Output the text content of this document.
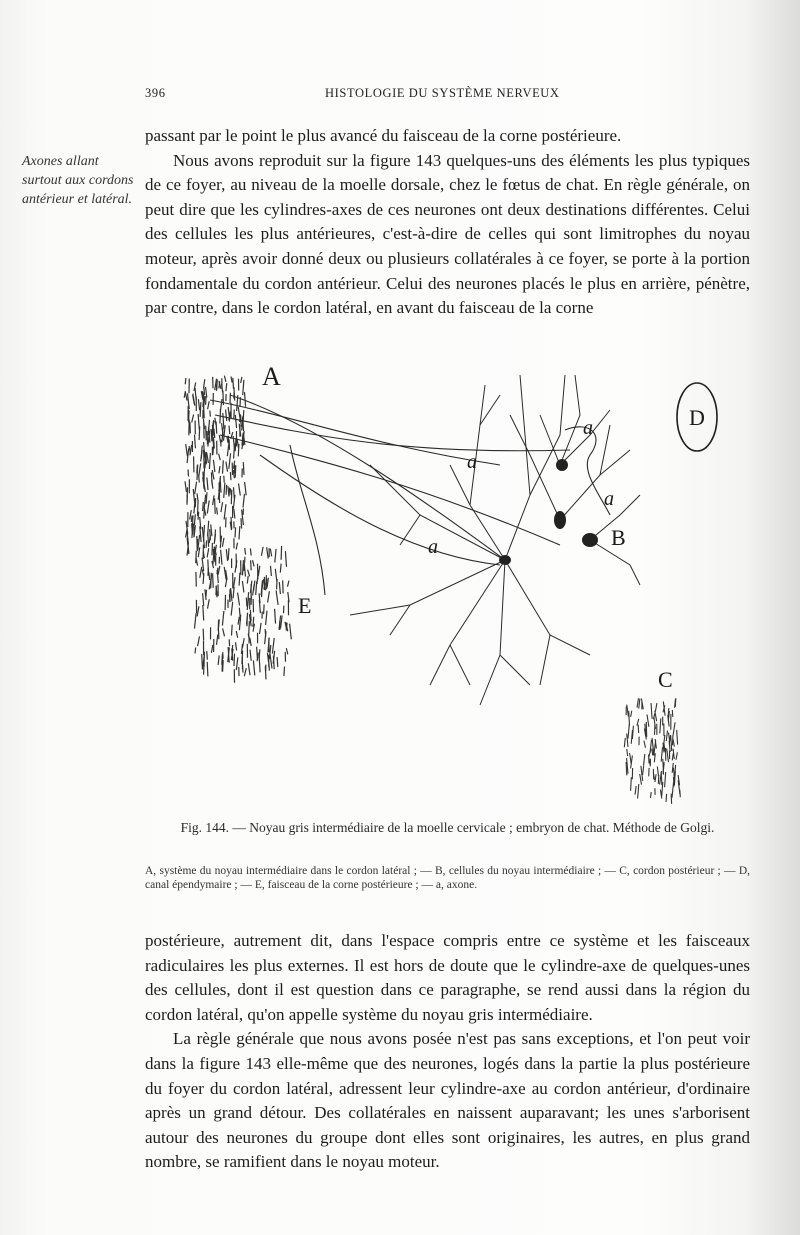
396	HISTOLOGIE DU SYSTÈME NERVEUX
Axones allant surtout aux cordons antérieur et latéral.

passant par le point le plus avancé du faisceau de la corne postérieure.

Nous avons reproduit sur la figure 143 quelques-uns des éléments les plus typiques de ce foyer, au niveau de la moelle dorsale, chez le fœtus de chat. En règle générale, on peut dire que les cylindres-axes de ces neurones ont deux destinations différentes. Celui des cellules les plus antérieures, c'est-à-dire de celles qui sont limitrophes du noyau moteur, après avoir donné deux ou plusieurs collatérales à ce foyer, se porte à la portion fondamentale du cordon antérieur. Celui des neurones placés le plus en arrière, pénètre, par contre, dans le cordon latéral, en avant du faisceau de la corne

A
B
C
D
E
a
a
a
a
Fig. 144. — Noyau gris intermédiaire de la moelle cervicale ; embryon de chat. Méthode de Golgi.
A, système du noyau intermédiaire dans le cordon latéral ; — B, cellules du noyau intermédiaire ; — C, cordon postérieur ; — D, canal épendymaire ; — E, faisceau de la corne postérieure ; — a, axone.

postérieure, autrement dit, dans l'espace compris entre ce système et les faisceaux radiculaires les plus externes. Il est hors de doute que le cylindre-axe de quelques-unes des cellules, dont il est question dans ce paragraphe, se rend aussi dans la région du cordon latéral, qu'on appelle système du noyau gris intermédiaire.

La règle générale que nous avons posée n'est pas sans exceptions, et l'on peut voir dans la figure 143 elle-même que des neurones, logés dans la partie la plus postérieure du foyer du cordon latéral, adressent leur cylindre-axe au cordon antérieur, d'ordinaire après un grand détour. Des collatérales en naissent auparavant; les unes s'arborisent autour des neurones du groupe dont elles sont originaires, les autres, en plus grand nombre, se ramifient dans le noyau moteur.
